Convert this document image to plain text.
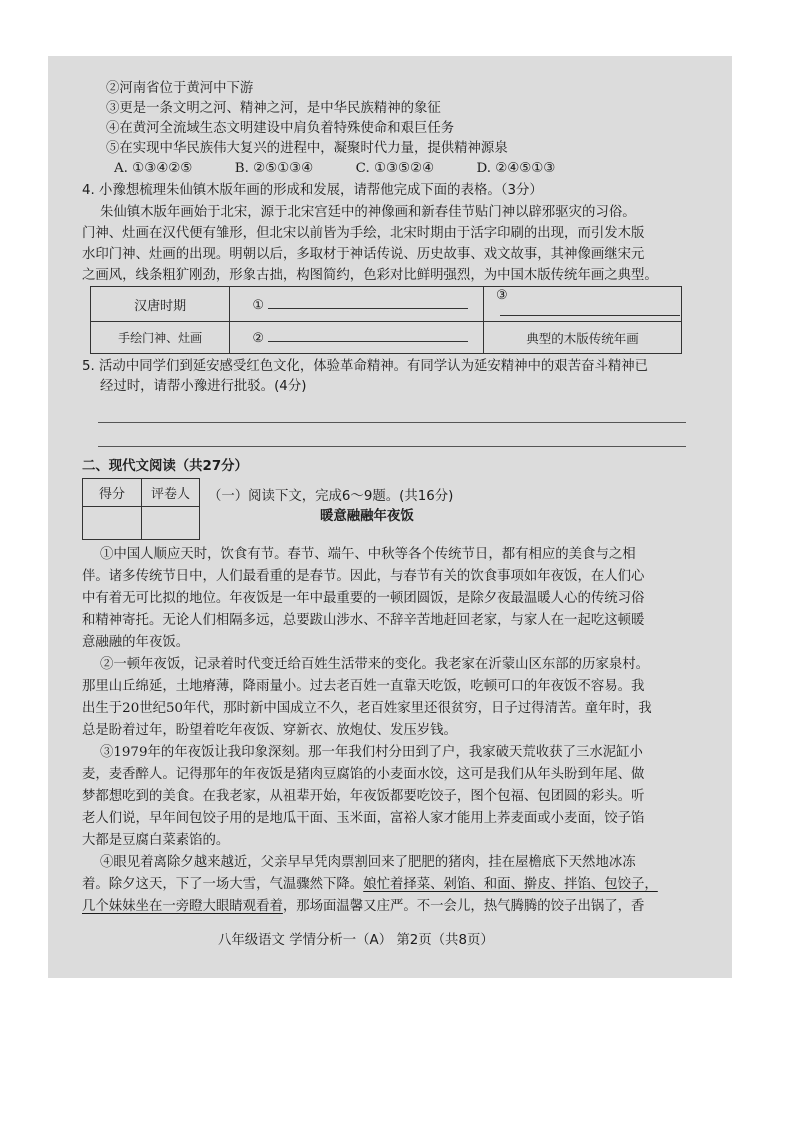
②河南省位于黄河中下游
③更是一条文明之河、精神之河，是中华民族精神的象征
④在黄河全流域生态文明建设中肩负着特殊使命和艰巨任务
⑤在实现中华民族伟大复兴的进程中，凝聚时代力量，提供精神源泉
A. ①③④②⑤	B. ②⑤①③④	C. ①③⑤②④	D. ②④⑤①③
4. 小豫想梳理朱仙镇木版年画的形成和发展，请帮他完成下面的表格。（3分）
朱仙镇木版年画始于北宋，源于北宋宫廷中的神像画和新春佳节贴门神以辟邪驱灾的习俗。
门神、灶画在汉代便有雏形，但北宋以前皆为手绘，北宋时期由于活字印刷的出现，而引发木版
水印门神、灶画的出现。明朝以后，多取材于神话传说、历史故事、戏文故事，其神像画继宋元
之画风，线条粗犷刚劲，形象古拙，构图简约，色彩对比鲜明强烈，为中国木版传统年画之典型。
汉唐时期	①	③
手绘门神、灶画	②	典型的木版传统年画
5. 活动中同学们到延安感受红色文化，体验革命精神。有同学认为延安精神中的艰苦奋斗精神已
经过时，请帮小豫进行批驳。(4分)
二、现代文阅读（共27分）
得分	评卷人
	（一）阅读下文，完成6～9题。(共16分)
暖意融融年夜饭
①中国人顺应天时，饮食有节。春节、端午、中秋等各个传统节日，都有相应的美食与之相
伴。诸多传统节日中，人们最看重的是春节。因此，与春节有关的饮食事项如年夜饭，在人们心
中有着无可比拟的地位。年夜饭是一年中最重要的一顿团圆饭，是除夕夜最温暖人心的传统习俗
和精神寄托。无论人们相隔多远，总要跋山涉水、不辞辛苦地赶回老家，与家人在一起吃这顿暖
意融融的年夜饭。
②一顿年夜饭，记录着时代变迁给百姓生活带来的变化。我老家在沂蒙山区东部的历家泉村。
那里山丘绵延，土地瘠薄，降雨量小。过去老百姓一直靠天吃饭，吃顿可口的年夜饭不容易。我
出生于20世纪50年代，那时新中国成立不久，老百姓家里还很贫穷，日子过得清苦。童年时，我
总是盼着过年，盼望着吃年夜饭、穿新衣、放炮仗、发压岁钱。
③1979年的年夜饭让我印象深刻。那一年我们村分田到了户，我家破天荒收获了三水泥缸小
麦，麦香醉人。记得那年的年夜饭是猪肉豆腐馅的小麦面水饺，这可是我们从年头盼到年尾、做
梦都想吃到的美食。在我老家，从祖辈开始，年夜饭都要吃饺子，图个包福、包团圆的彩头。听
老人们说，早年间包饺子用的是地瓜干面、玉米面，富裕人家才能用上荞麦面或小麦面，饺子馅
大都是豆腐白菜素馅的。
④眼见着离除夕越来越近，父亲早早凭肉票割回来了肥肥的猪肉，挂在屋檐底下天然地冰冻
着。除夕这天，下了一场大雪，气温骤然下降。娘忙着择菜、剁馅、和面、擀皮、拌馅、包饺子，
几个妹妹坐在一旁瞪大眼睛观看着，那场面温馨又庄严。不一会儿，热气腾腾的饺子出锅了，香
八年级语文 学情分析一（A） 第2页（共8页）
